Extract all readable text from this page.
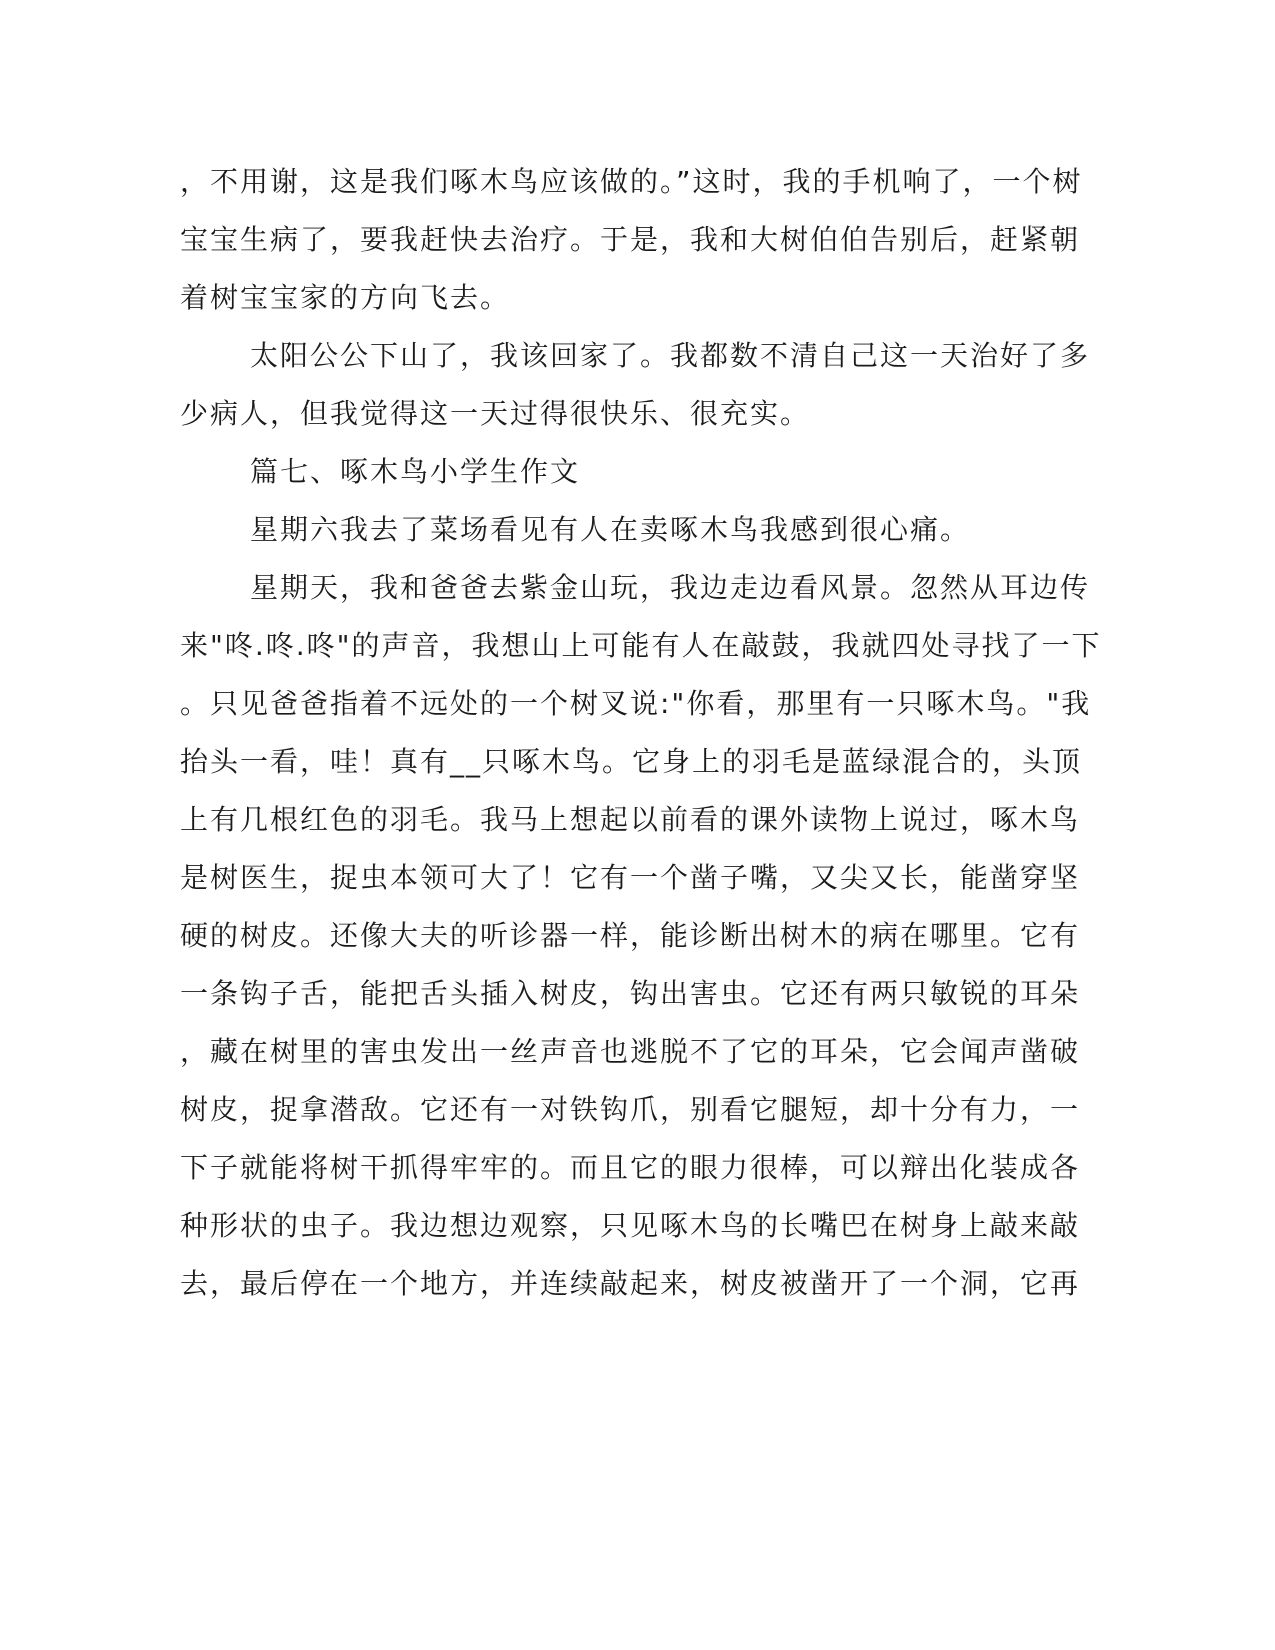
，不用谢，这是我们啄木鸟应该做的。”这时，我的手机响了，一个树
宝宝生病了，要我赶快去治疗。于是，我和大树伯伯告别后，赶紧朝
着树宝宝家的方向飞去。
太阳公公下山了，我该回家了。我都数不清自己这一天治好了多
少病人，但我觉得这一天过得很快乐、很充实。
篇七、啄木鸟小学生作文
星期六我去了菜场看见有人在卖啄木鸟我感到很心痛。
星期天，我和爸爸去紫金山玩，我边走边看风景。忽然从耳边传
来"咚.咚.咚"的声音，我想山上可能有人在敲鼓，我就四处寻找了一下
。只见爸爸指着不远处的一个树叉说:"你看，那里有一只啄木鸟。"我
抬头一看，哇！真有__只啄木鸟。它身上的羽毛是蓝绿混合的，头顶
上有几根红色的羽毛。我马上想起以前看的课外读物上说过，啄木鸟
是树医生，捉虫本领可大了！它有一个凿子嘴，又尖又长，能凿穿坚
硬的树皮。还像大夫的听诊器一样，能诊断出树木的病在哪里。它有
一条钩子舌，能把舌头插入树皮，钩出害虫。它还有两只敏锐的耳朵
，藏在树里的害虫发出一丝声音也逃脱不了它的耳朵，它会闻声凿破
树皮，捉拿潜敌。它还有一对铁钩爪，别看它腿短，却十分有力，一
下子就能将树干抓得牢牢的。而且它的眼力很棒，可以辩出化装成各
种形状的虫子。我边想边观察，只见啄木鸟的长嘴巴在树身上敲来敲
去，最后停在一个地方，并连续敲起来，树皮被凿开了一个洞，它再
